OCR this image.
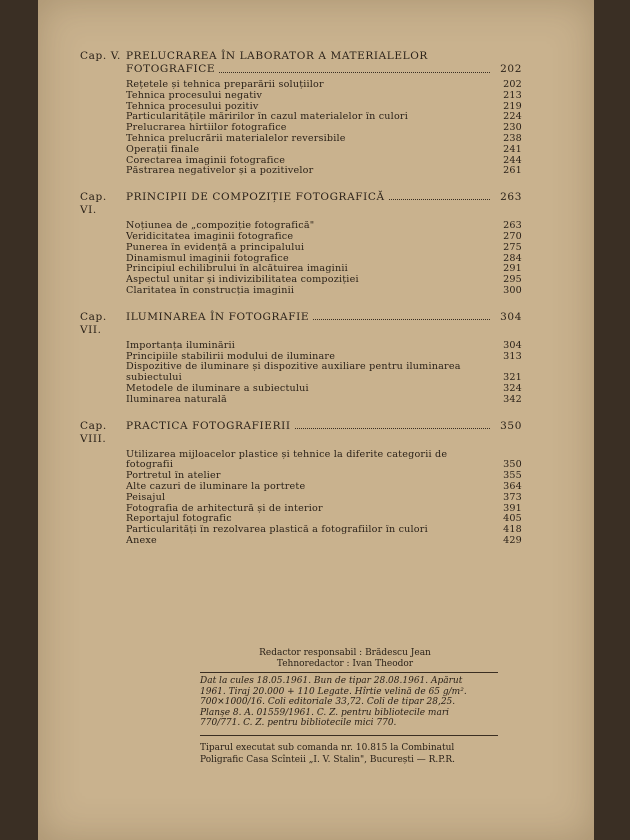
Cap. V. PRELUCRAREA ÎN LABORATOR A MATERIALELOR
FOTOGRAFICE	202
Rețetele și tehnica preparării soluțiilor	202
Tehnica procesului negativ	213
Tehnica procesului pozitiv	219
Particularitățile măririlor în cazul materialelor în culori	224
Prelucrarea hîrtiilor fotografice	230
Tehnica prelucrării materialelor reversibile	238
Operații finale	241
Corectarea imaginii fotografice	244
Păstrarea negativelor și a pozitivelor	261
Cap. VI.
PRINCIPII DE COMPOZIȚIE FOTOGRAFICĂ	263
Noțiunea de „compoziție fotografică"	263
Veridicitatea imaginii fotografice	270
Punerea în evidență a principalului	275
Dinamismul imaginii fotografice	284
Principiul echilibrului în alcătuirea imaginii	291
Aspectul unitar și indivizibilitatea compoziției	295
Claritatea în construcția imaginii	300
Cap. VII.
ILUMINAREA ÎN FOTOGRAFIE	304
Importanța iluminării	304
Principiile stabilirii modului de iluminare	313
Dispozitive de iluminare și dispozitive auxiliare pentru iluminarea subiectului	321
Metodele de iluminare a subiectului	324
Iluminarea naturală	342
Cap. VIII.
PRACTICA FOTOGRAFIERII	350
Utilizarea mijloacelor plastice și tehnice la diferite categorii de fotografii	350
Portretul în atelier	355
Alte cazuri de iluminare la portrete	364
Peisajul	373
Fotografia de arhitectură și de interior	391
Reportajul fotografic	405
Particularități în rezolvarea plastică a fotografiilor în culori	418
Anexe	429
Redactor responsabil : Brădescu Jean
Tehnoredactor : Ivan Theodor

Dat la cules 18.05.1961. Bun de tipar 28.08.1961. Apărut

1961. Tiraj 20.000 + 110 Legate. Hîrtie velină de 65 g/m².

700×1000/16. Coli editoriale 33,72. Coli de tipar 28,25.

Planșe 8. A. 01559/1961. C. Z. pentru bibliotecile mari

770/771. C. Z. pentru bibliotecile mici 770.

Tiparul executat sub comanda nr. 10.815 la Combinatul

Poligrafic Casa Scînteii „I. V. Stalin", București — R.P.R.
